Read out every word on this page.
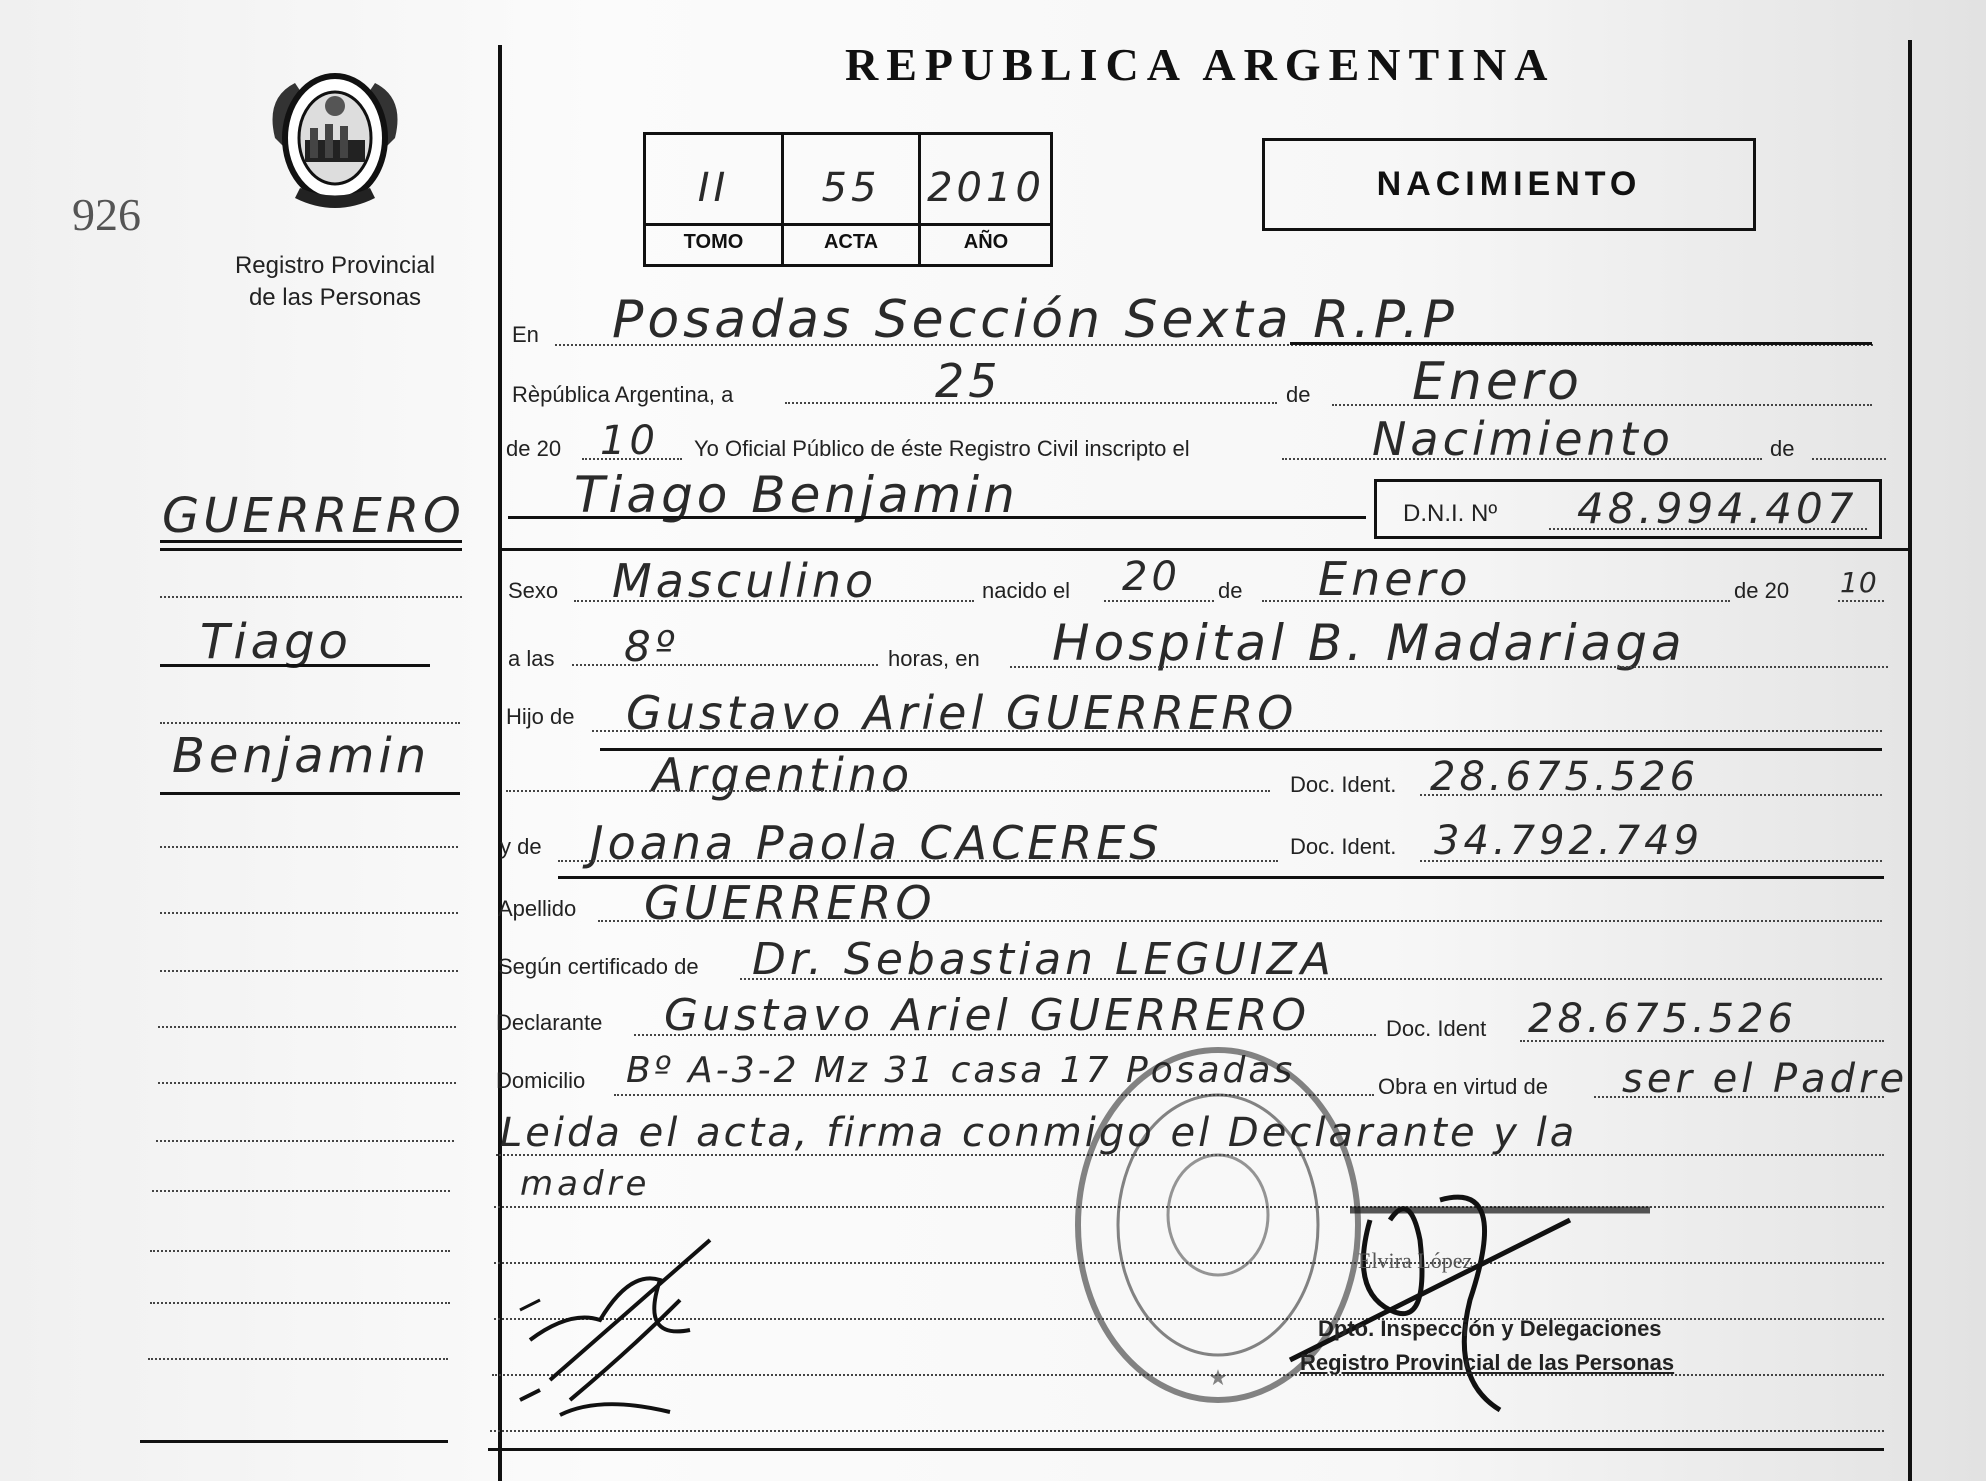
926
Registro Provincial
de las Personas
REPUBLICA ARGENTINA
II	55	2010
TOMO	ACTA	AÑO
NACIMIENTO
GUERRERO
Tiago
Benjamin
En Posadas Sección Sexta R.P.P
Rèpública Argentina, a	25	de Enero
de 20 10 Yo Oficial Público de éste Registro Civil inscripto el	Nacimiento	de
Tiago Benjamin	D.N.I. Nº 48.994.407
Sexo Masculino	nacido el 20 de Enero	de 20 10
a las 8º	horas, en Hospital B. Madariaga
Hijo de Gustavo Ariel GUERRERO
Argentino	Doc. Ident. 28.675.526
y de Joana Paola CACERES	Doc. Ident. 34.792.749
Apellido GUERRERO
Según certificado de Dr. Sebastian LEGUIZA
Declarante Gustavo Ariel GUERRERO	Doc. Ident 28.675.526
Domicilio Bº A-3-2 Mz 31 casa 17 Posadas	Obra en virtud de ser el Padre
Leida el acta, firma conmigo el Declarante y la
madre
★
Elvira López
Dpto. Inspección y Delegaciones
Registro Provincial de las Personas
